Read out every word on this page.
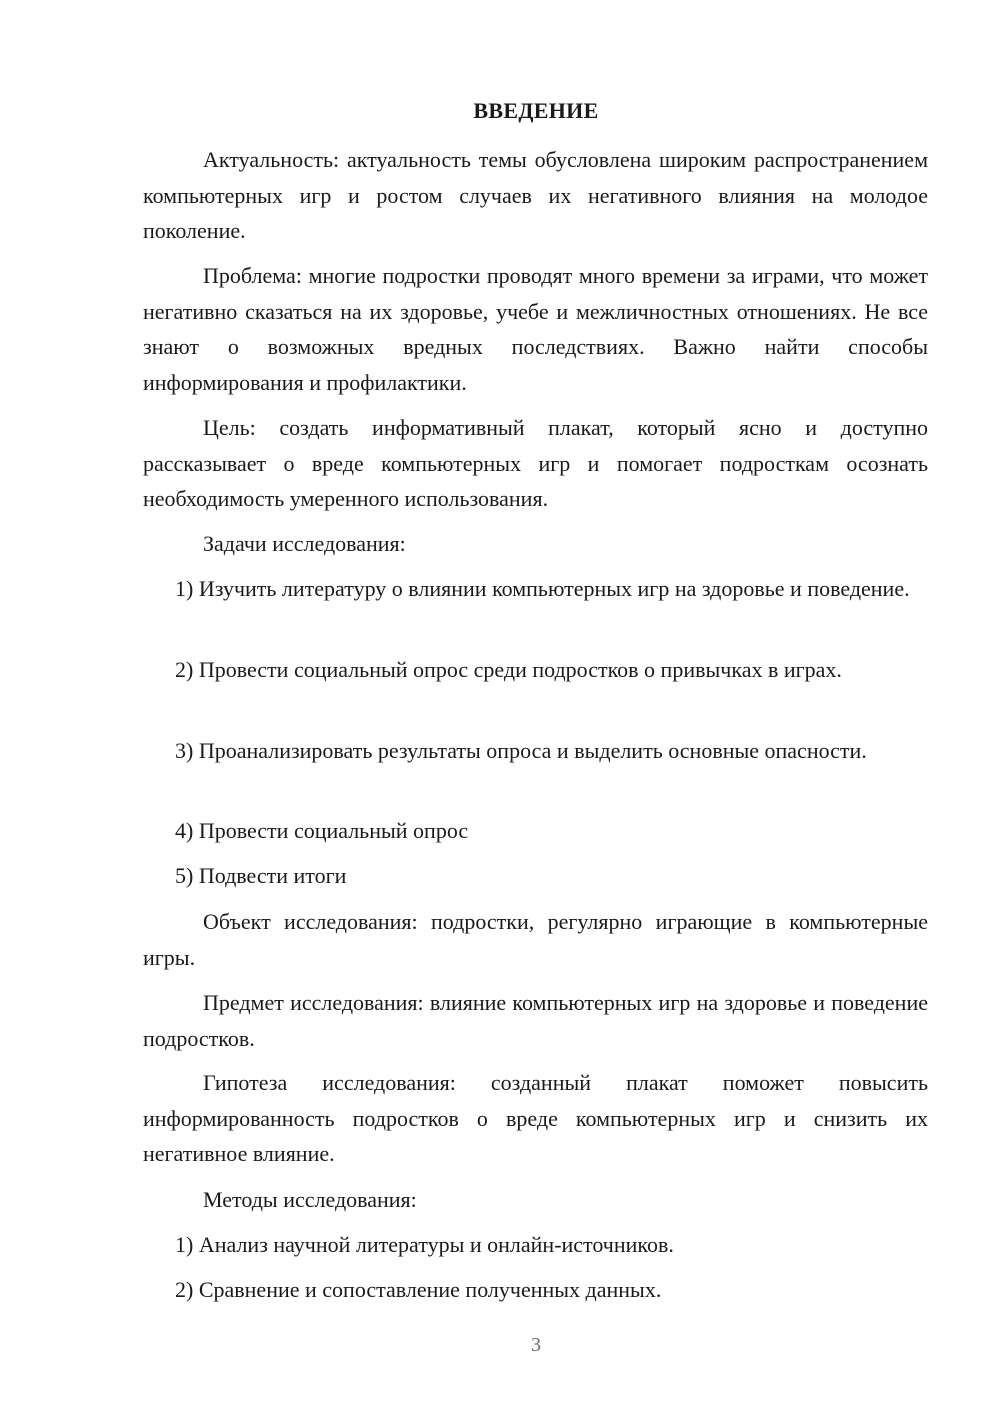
ВВЕДЕНИЕ

Актуальность: актуальность темы обусловлена широким распространением компьютерных игр и ростом случаев их негативного влияния на молодое поколение.

Проблема: многие подростки проводят много времени за играми, что может негативно сказаться на их здоровье, учебе и межличностных отношениях. Не все знают о возможных вредных последствиях. Важно найти способы информирования и профилактики.

Цель: создать информативный плакат, который ясно и доступно рассказывает о вреде компьютерных игр и помогает подросткам осознать необходимость умеренного использования.

Задачи исследования:

1) Изучить литературу о влиянии компьютерных игр на здоровье и поведение.

2) Провести социальный опрос среди подростков о привычках в играх.

3) Проанализировать результаты опроса и выделить основные опасности.

4) Провести социальный опрос

5) Подвести итоги

Объект исследования: подростки, регулярно играющие в компьютерные игры.

Предмет исследования: влияние компьютерных игр на здоровье и поведение подростков.

Гипотеза исследования: созданный плакат поможет повысить информированность подростков о вреде компьютерных игр и снизить их негативное влияние.

Методы исследования:

1) Анализ научной литературы и онлайн-источников.

2) Сравнение и сопоставление полученных данных.

3
